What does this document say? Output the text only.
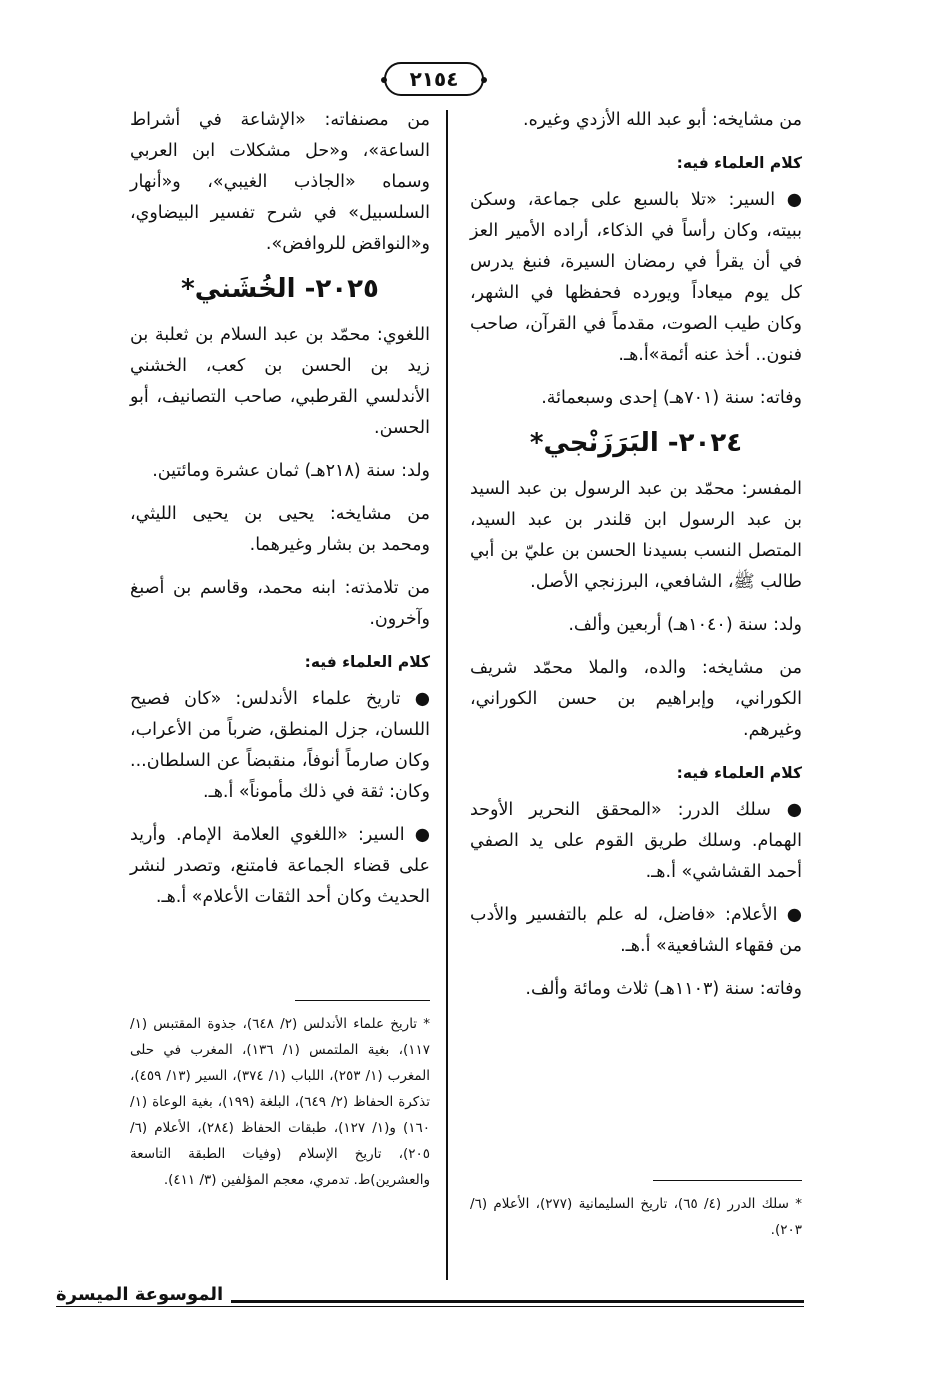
٢١٥٤

من مشايخه: أبو عبد الله الأزدي وغيره.

كلام العلماء فيه:

● السير: «تلا بالسبع على جماعة، وسكن ببيته، وكان رأساً في الذكاء، أراده الأمير العز في أن يقرأ في رمضان السيرة، فنبغ يدرس كل يوم ميعاداً ويورده فحفظها في الشهر، وكان طيب الصوت، مقدماً في القرآن، صاحب فنون.. أخذ عنه أئمة»أ.هـ.

وفاته: سنة (٧٠١هـ) إحدى وسبعمائة.

٢٠٢٤- البَرَزَنْجي*

المفسر: محمّد بن عبد الرسول بن عبد السيد بن عبد الرسول ابن قلندر بن عبد السيد، المتصل النسب بسيدنا الحسن بن عليّ بن أبي طالب ﷺ، الشافعي، البرزنجي الأصل.

ولد: سنة (١٠٤٠هـ) أربعين وألف.

من مشايخه: والده، والملا محمّد شريف الكوراني، وإبراهيم بن حسن الكوراني، وغيرهم.

كلام العلماء فيه:

● سلك الدرر: «المحقق النحرير الأوحد الهمام. وسلك طريق القوم على يد الصفي أحمد القشاشي» أ.هـ.

● الأعلام: «فاضل، له علم بالتفسير والأدب من فقهاء الشافعية» أ.هـ.

وفاته: سنة (١١٠٣هـ) ثلاث ومائة وألف.

من مصنفاته: «الإشاعة في أشراط الساعة»، و«حل مشكلات ابن العربي وسماه «الجاذب الغيبي»، و«أنهار السلسبيل» في شرح تفسير البيضاوي، و«النواقض للروافض».

٢٠٢٥- الخُشَني*

اللغوي: محمّد بن عبد السلام بن ثعلبة بن زيد بن الحسن بن كعب، الخشني الأندلسي القرطبي، صاحب التصانيف، أبو الحسن.

ولد: سنة (٢١٨هـ) ثمان عشرة ومائتين.

من مشايخه: يحيى بن يحيى الليثي، ومحمد بن بشار وغيرهما.

من تلامذته: ابنه محمد، وقاسم بن أصبغ وآخرون.

كلام العلماء فيه:

● تاريخ علماء الأندلس: «كان فصيح اللسان، جزل المنطق، ضرباً من الأعراب، وكان صارماً أنوفاً، منقبضاً عن السلطان... وكان: ثقة في ذلك مأموناً» أ.هـ.

● السير: «اللغوي العلامة الإمام. وأريد على قضاء الجماعة فامتنع، وتصدر لنشر الحديث وكان أحد الثقات الأعلام» أ.هـ.

* تاريخ علماء الأندلس (٢/ ٦٤٨)، جذوة المقتبس (١/ ١١٧)، بغية الملتمس (١/ ١٣٦)، المغرب في حلى المغرب (١/ ٢٥٣)، اللباب (١/ ٣٧٤)، السير (١٣/ ٤٥٩)، تذكرة الحفاظ (٢/ ٦٤٩)، البلغة (١٩٩)، بغية الوعاة (١/ ١٦٠) و(١/ ١٢٧)، طبقات الحفاظ (٢٨٤)، الأعلام (٦/ ٢٠٥)، تاريخ الإسلام (وفيات الطبقة التاسعة والعشرين)ط. تدمري، معجم المؤلفين (٣/ ٤١١).

* سلك الدرر (٤/ ٦٥)، تاريخ السليمانية (٢٧٧)، الأعلام (٦/ ٢٠٣).

الموسوعة الميسرة
